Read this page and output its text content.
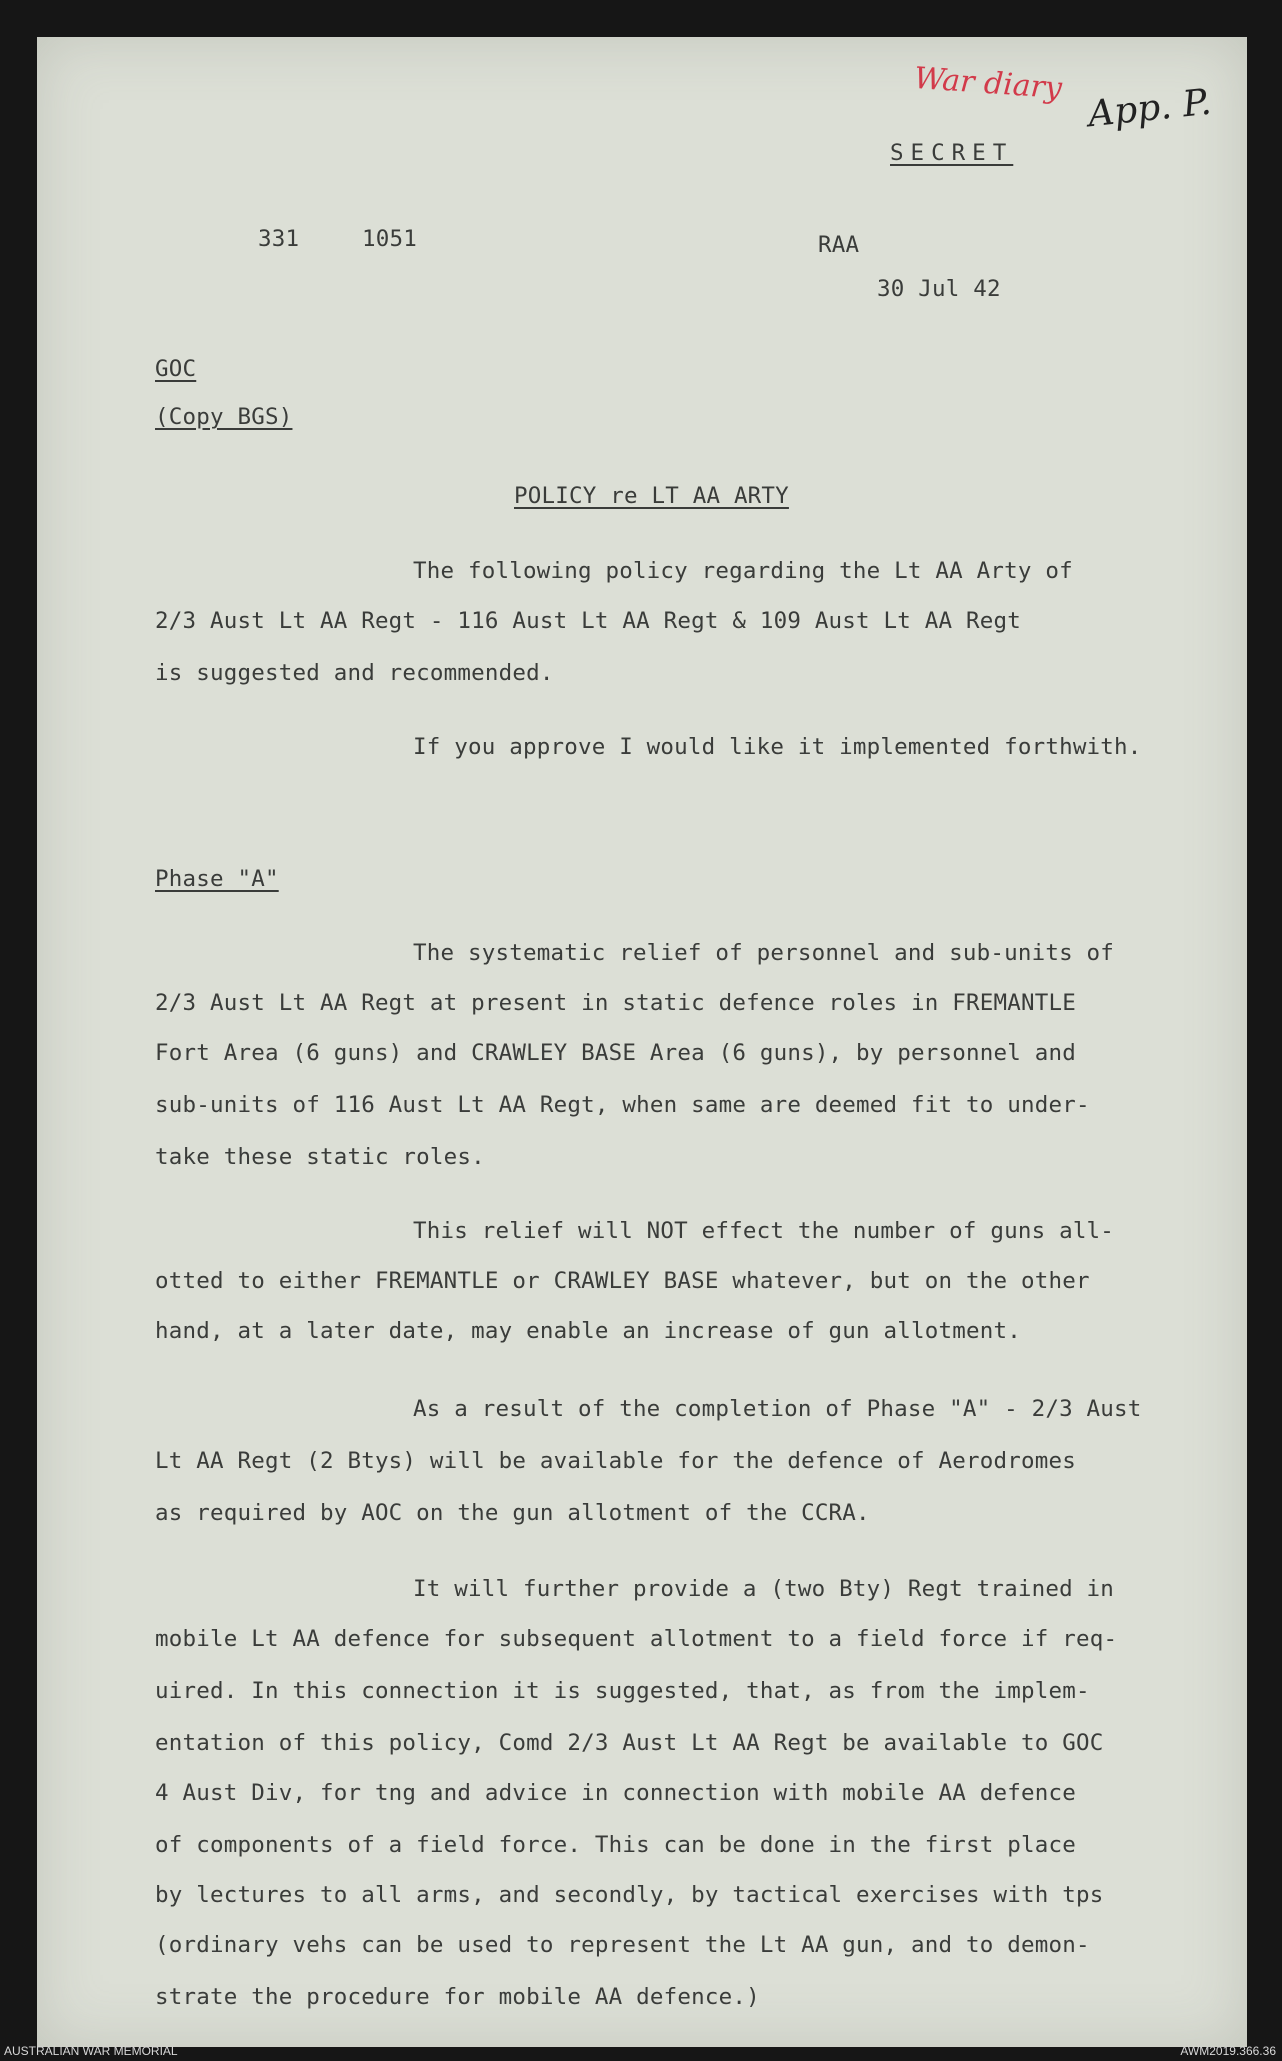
War diary App. P.
SECRET
331	1051	RAA
30 Jul 42
GOC
(Copy BGS)
POLICY re LT AA ARTY
The following policy regarding the Lt AA Arty of
2/3 Aust Lt AA Regt - 116 Aust Lt AA Regt & 109 Aust Lt AA Regt
is suggested and recommended.
If you approve I would like it implemented forthwith.
Phase "A"
The systematic relief of personnel and sub-units of
2/3 Aust Lt AA Regt at present in static defence roles in FREMANTLE
Fort Area (6 guns) and CRAWLEY BASE Area (6 guns), by personnel and
sub-units of 116 Aust Lt AA Regt, when same are deemed fit to under-
take these static roles.
This relief will NOT effect the number of guns all-
otted to either FREMANTLE or CRAWLEY BASE whatever, but on the other
hand, at a later date, may enable an increase of gun allotment.
As a result of the completion of Phase "A" - 2/3 Aust
Lt AA Regt (2 Btys) will be available for the defence of Aerodromes
as required by AOC on the gun allotment of the CCRA.
It will further provide a (two Bty) Regt trained in
mobile Lt AA defence for subsequent allotment to a field force if req-
uired. In this connection it is suggested, that, as from the implem-
entation of this policy, Comd 2/3 Aust Lt AA Regt be available to GOC
4 Aust Div, for tng and advice in connection with mobile AA defence
of components of a field force. This can be done in the first place
by lectures to all arms, and secondly, by tactical exercises with tps
(ordinary vehs can be used to represent the Lt AA gun, and to demon-
strate the procedure for mobile AA defence.)
AUSTRALIAN WAR MEMORIAL	AWM2019.366.36
